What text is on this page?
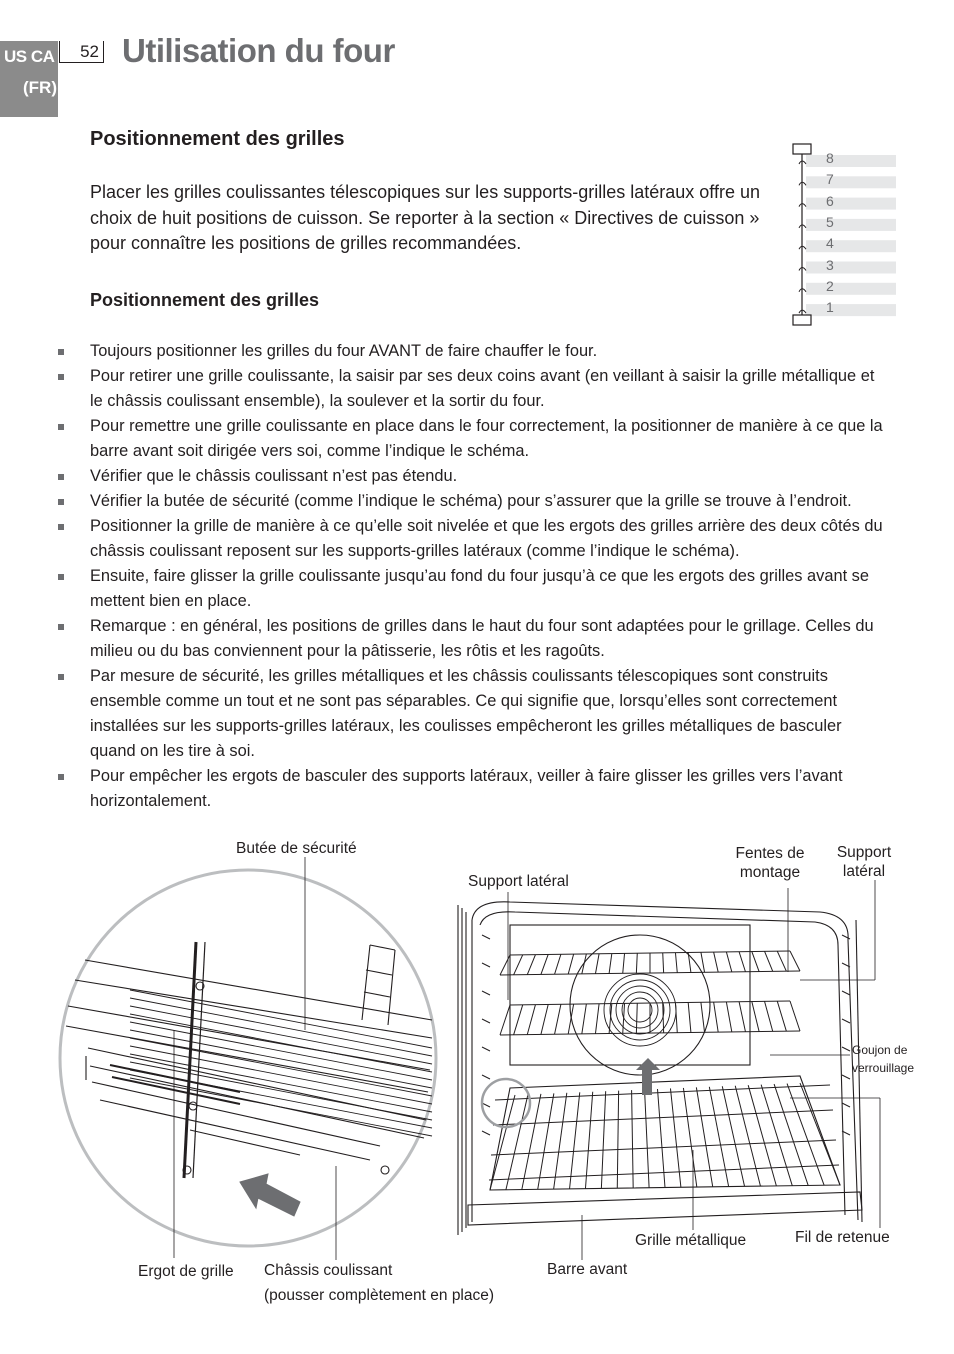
US CA
(FR)
52 Utilisation du four
Positionnement des grilles

Placer les grilles coulissantes télescopiques sur les supports-grilles latéraux offre un choix de huit positions de cuisson. Se reporter à la section « Directives de cuisson » pour connaître les positions de grilles recommandées.

Positionnement des grilles
8
7
6
5
4
3
2
1
Toujours positionner les grilles du four AVANT de faire chauffer le four.
Pour retirer une grille coulissante, la saisir par ses deux coins avant (en veillant à saisir la grille métallique et le châssis coulissant ensemble), la soulever et la sortir du four.
Pour remettre une grille coulissante en place dans le four correctement, la positionner de manière à ce que la barre avant soit dirigée vers soi, comme l’indique le schéma.
Vérifier que le châssis coulissant n’est pas étendu.
Vérifier la butée de sécurité (comme l’indique le schéma) pour s’assurer que la grille se trouve à l’endroit.
Positionner la grille de manière à ce qu’elle soit nivelée et que les ergots des grilles arrière des deux côtés du châssis coulissant reposent sur les supports-grilles latéraux (comme l’indique le schéma).
Ensuite, faire glisser la grille coulissante jusqu’au fond du four jusqu’à ce que les ergots des grilles avant se mettent bien en place.
Remarque : en général, les positions de grilles dans le haut du four sont adaptées pour le grillage. Celles du milieu ou du bas conviennent pour la pâtisserie, les rôtis et les ragoûts.
Par mesure de sécurité, les grilles métalliques et les châssis coulissants télescopiques sont construits ensemble comme un tout et ne sont pas séparables. Ce qui signifie que, lorsqu’elles sont correctement installées sur les supports-grilles latéraux, les coulisses empêcheront les grilles métalliques de basculer quand on les tire à soi.
Pour empêcher les ergots de basculer des supports latéraux, veiller à faire glisser les grilles vers l’avant horizontalement.
Butée de sécurité
Support latéral
Fentes de
montage
Support
latéral
Goujon de
verrouillage
Grille métallique	Fil de retenue
Barre avant
Ergot de grille Châssis coulissant
(pousser complètement en place)
